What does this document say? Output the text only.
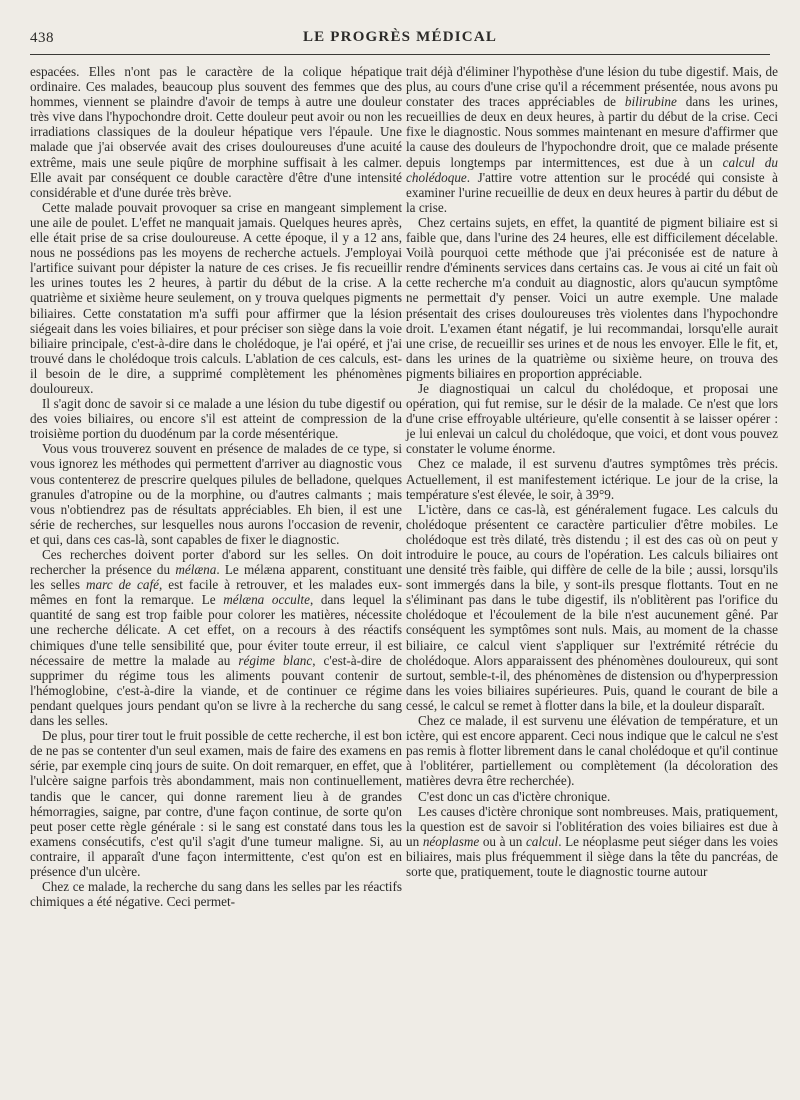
438	LE PROGRÈS MÉDICAL

espacées. Elles n'ont pas le caractère de la colique hépatique ordinaire. Ces malades, beaucoup plus souvent des femmes que des hommes, viennent se plaindre d'avoir de temps à autre une douleur très vive dans l'hypochondre droit. Cette douleur peut avoir ou non les irradiations classiques de la douleur hépatique vers l'épaule. Une malade que j'ai observée avait des crises douloureuses d'une acuité extrême, mais une seule piqûre de morphine suffisait à les calmer. Elle avait par conséquent ce double caractère d'être d'une intensité considérable et d'une durée très brève.

Cette malade pouvait provoquer sa crise en mangeant simplement une aile de poulet. L'effet ne manquait jamais. Quelques heures après, elle était prise de sa crise douloureuse. A cette époque, il y a 12 ans, nous ne possédions pas les moyens de recherche actuels. J'employai l'artifice suivant pour dépister la nature de ces crises. Je fis recueillir les urines toutes les 2 heures, à partir du début de la crise. A la quatrième et sixième heure seulement, on y trouva quelques pigments biliaires. Cette constatation m'a suffi pour affirmer que la lésion siégeait dans les voies biliaires, et pour préciser son siège dans la voie biliaire principale, c'est-à-dire dans le cholédoque, je l'ai opéré, et j'ai trouvé dans le cholédoque trois calculs. L'ablation de ces calculs, est-il besoin de le dire, a supprimé complètement les phénomènes douloureux.

Il s'agit donc de savoir si ce malade a une lésion du tube digestif ou des voies biliaires, ou encore s'il est atteint de compression de la troisième portion du duodénum par la corde mésentérique.

Vous vous trouverez souvent en présence de malades de ce type, si vous ignorez les méthodes qui permettent d'arriver au diagnostic vous vous contenterez de prescrire quelques pilules de belladone, quelques granules d'atropine ou de la morphine, ou d'autres calmants ; mais vous n'obtiendrez pas de résultats appréciables. Eh bien, il est une série de recherches, sur lesquelles nous aurons l'occasion de revenir, et qui, dans ces cas-là, sont capables de fixer le diagnostic.

Ces recherches doivent porter d'abord sur les selles. On doit rechercher la présence du mélæna. Le mélæna apparent, constituant les selles marc de café, est facile à retrouver, et les malades eux-mêmes en font la remarque. Le mélæna occulte, dans lequel la quantité de sang est trop faible pour colorer les matières, nécessite une recherche délicate. A cet effet, on a recours à des réactifs chimiques d'une telle sensibilité que, pour éviter toute erreur, il est nécessaire de mettre la malade au régime blanc, c'est-à-dire de supprimer du régime tous les aliments pouvant contenir de l'hémoglobine, c'est-à-dire la viande, et de continuer ce régime pendant quelques jours pendant qu'on se livre à la recherche du sang dans les selles.

De plus, pour tirer tout le fruit possible de cette recherche, il est bon de ne pas se contenter d'un seul examen, mais de faire des examens en série, par exemple cinq jours de suite. On doit remarquer, en effet, que l'ulcère saigne parfois très abondamment, mais non continuellement, tandis que le cancer, qui donne rarement lieu à de grandes hémorragies, saigne, par contre, d'une façon continue, de sorte qu'on peut poser cette règle générale : si le sang est constaté dans tous les examens consécutifs, c'est qu'il s'agit d'une tumeur maligne. Si, au contraire, il apparaît d'une façon intermittente, c'est qu'on est en présence d'un ulcère.

Chez ce malade, la recherche du sang dans les selles par les réactifs chimiques a été négative. Ceci permet-

trait déjà d'éliminer l'hypothèse d'une lésion du tube digestif. Mais, de plus, au cours d'une crise qu'il a récemment présentée, nous avons pu constater des traces appréciables de bilirubine dans les urines, recueillies de deux en deux heures, à partir du début de la crise. Ceci fixe le diagnostic. Nous sommes maintenant en mesure d'affirmer que la cause des douleurs de l'hypochondre droit, que ce malade présente depuis longtemps par intermittences, est due à un calcul du cholédoque. J'attire votre attention sur le procédé qui consiste à examiner l'urine recueillie de deux en deux heures à partir du début de la crise.

Chez certains sujets, en effet, la quantité de pigment biliaire est si faible que, dans l'urine des 24 heures, elle est difficilement décelable. Voilà pourquoi cette méthode que j'ai préconisée est de nature à rendre d'éminents services dans certains cas. Je vous ai cité un fait où cette recherche m'a conduit au diagnostic, alors qu'aucun symptôme ne permettait d'y penser. Voici un autre exemple. Une malade présentait des crises douloureuses très violentes dans l'hypochondre droit. L'examen étant négatif, je lui recommandai, lorsqu'elle aurait une crise, de recueillir ses urines et de nous les envoyer. Elle le fit, et, dans les urines de la quatrième ou sixième heure, on trouva des pigments biliaires en proportion appréciable.

Je diagnostiquai un calcul du cholédoque, et proposai une opération, qui fut remise, sur le désir de la malade. Ce n'est que lors d'une crise effroyable ultérieure, qu'elle consentit à se laisser opérer : je lui enlevai un calcul du cholédoque, que voici, et dont vous pouvez constater le volume énorme.

Chez ce malade, il est survenu d'autres symptômes très précis. Actuellement, il est manifestement ictérique. Le jour de la crise, la température s'est élevée, le soir, à 39°9.

L'ictère, dans ce cas-là, est généralement fugace. Les calculs du cholédoque présentent ce caractère particulier d'être mobiles. Le cholédoque est très dilaté, très distendu ; il est des cas où on peut y introduire le pouce, au cours de l'opération. Les calculs biliaires ont une densité très faible, qui diffère de celle de la bile ; aussi, lorsqu'ils sont immergés dans la bile, y sont-ils presque flottants. Tout en ne s'éliminant pas dans le tube digestif, ils n'oblitèrent pas l'orifice du cholédoque et l'écoulement de la bile n'est aucunement gêné. Par conséquent les symptômes sont nuls. Mais, au moment de la chasse biliaire, ce calcul vient s'appliquer sur l'extrémité rétrécie du cholédoque. Alors apparaissent des phénomènes douloureux, qui sont surtout, semble-t-il, des phénomènes de distension ou d'hyperpression dans les voies biliaires supérieures. Puis, quand le courant de bile a cessé, le calcul se remet à flotter dans la bile, et la douleur disparaît.

Chez ce malade, il est survenu une élévation de température, et un ictère, qui est encore apparent. Ceci nous indique que le calcul ne s'est pas remis à flotter librement dans le canal cholédoque et qu'il continue à l'oblitérer, partiellement ou complètement (la décoloration des matières devra être recherchée).

C'est donc un cas d'ictère chronique.

Les causes d'ictère chronique sont nombreuses. Mais, pratiquement, la question est de savoir si l'oblitération des voies biliaires est due à un néoplasme ou à un calcul. Le néoplasme peut siéger dans les voies biliaires, mais plus fréquemment il siège dans la tête du pancréas, de sorte que, pratiquement, toute le diagnostic tourne autour
